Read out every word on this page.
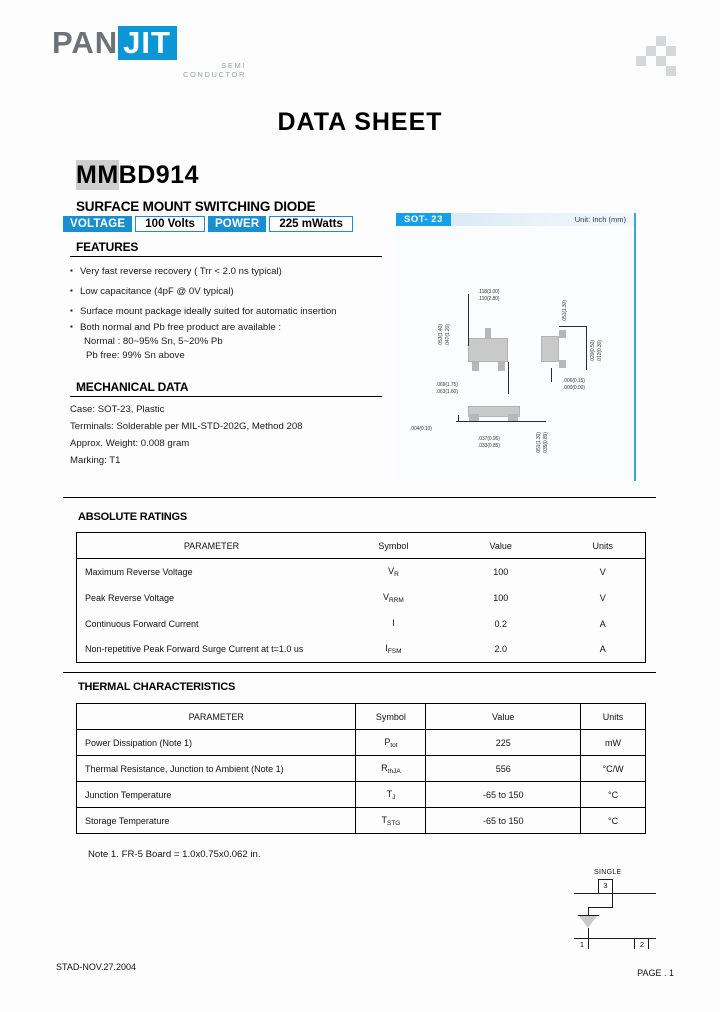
PAN JIT
SEMI
CONDUCTOR
DATA SHEET
MMBD914
SURFACE MOUNT SWITCHING DIODE
VOLTAGE	100 Volts	POWER	225 mWatts
FEATURES
▪ Very fast reverse recovery ( Trr < 2.0 ns typical)
▪ Low capacitance (4pF @ 0V typical)
▪ Surface mount package ideally suited for automatic insertion
▪ Both normal and Pb free product are available :
Normal : 80~95% Sn, 5~20% Pb
Pb free: 99% Sn above
MECHANICAL DATA
Case: SOT-23, Plastic
Terminals: Solderable per MIL-STD-202G, Method 208
Approx. Weight: 0.008 gram
Marking: T1
SOT- 23	Unit: Inch (mm)
.118(3.00)
.110(2.80)
.053(1.40) .047(1.20)
.069(1.75)
.063(1.60)
.051(1.30)
.020(0.50) .012(0.30)
.006(0.15)
.000(0.00)
.004(0.10)
.037(0.95)
.033(0.85)	.051(1.30) .035(0.89)
ABSOLUTE RATINGS
PARAMETER	Symbol	Value	Units
Maximum Reverse Voltage	$V_R$	100	V
Peak Reverse Voltage	$V_{RRM}$	100	V
Continuous Forward Current	I	0.2	A
Non-repetitive Peak Forward Surge Current at t=1.0 us	$I_{FSM}$	2.0	A
THERMAL CHARACTERISTICS
PARAMETER	Symbol	Value	Units
Power Dissipation (Note 1)	$P_{tot}$	225	mW
Thermal Resistance, Junction to Ambient (Note 1)	$R_{thJA}$	556	°C/W
Junction Temperature	$T_J$	-65 to 150	°C
Storage Temperature	$T_{STG}$	-65 to 150	°C
Note 1. FR-5 Board = 1.0x0.75x0.062 in.
SINGLE
3
1	2
STAD-NOV.27.2004
PAGE . 1
